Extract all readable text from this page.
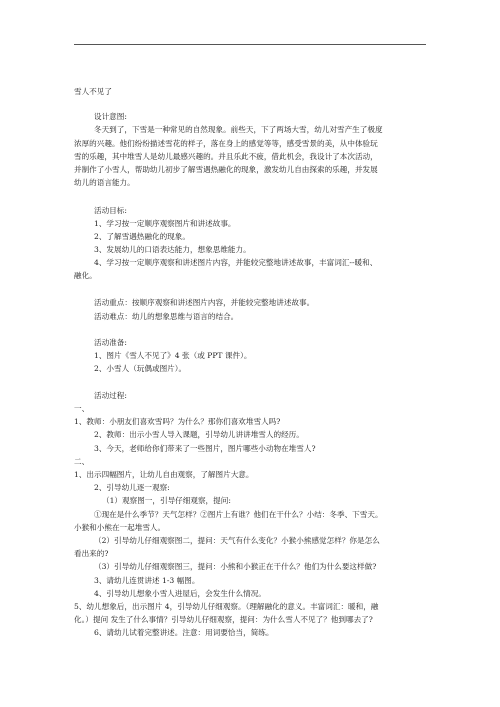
雪人不见了
设计意图:
冬天到了，下雪是一种常见的自然现象。前些天，下了两场大雪，幼儿对雪产生了极度
浓厚的兴趣。他们纷纷描述雪花的样子，落在身上的感觉等等，感受雪景的美，从中体验玩
雪的乐趣，其中堆雪人是幼儿最感兴趣的。并且乐此不疲，借此机会，我设计了本次活动，
并制作了小雪人，帮助幼儿初步了解雪遇热融化的现象，激发幼儿自由探索的乐趣，并发展
幼儿的语言能力。
活动目标:
1、学习按一定顺序观察图片和讲述故事。
2、了解雪遇热融化的现象。
3、发展幼儿的口语表达能力，想象思维能力。
4、学习按一定顺序观察和讲述图片内容，并能较完整地讲述故事，丰富词汇--暖和、
融化。
活动重点：按顺序观察和讲述图片内容，并能较完整地讲述故事。
活动难点：幼儿的想象思维与语言的结合。
活动准备:
1、图片《雪人不见了》4 张（或 PPT 课件）。
2、小雪人（玩偶或图片）。
活动过程:
一、
1、教师：小朋友们喜欢雪吗？为什么？那你们喜欢堆雪人吗?
2、教师：出示小雪人导入课题，引导幼儿讲讲堆雪人的经历。
3、今天，老师给你们带来了一些图片，图片哪些小动物在堆雪人?
二、
1、出示四幅图片，让幼儿自由观察，了解图片大意。
2、引导幼儿逐一观察:
（1）观察图一，引导仔细观察，提问:
①现在是什么季节？天气怎样？②图片上有谁？他们在干什么？小结：冬季、下雪天。
小猴和小熊在一起堆雪人。
（2）引导幼儿仔细观察图二，提问：天气有什么变化？小猴小熊感觉怎样？你是怎么
看出来的?
（3）引导幼儿仔细观察图三，提问：小熊和小猴正在干什么？他们为什么要这样做?
3、请幼儿连贯讲述 1-3 幅图。
4、引导幼儿想象小雪人进屋后，会发生什么情况。
5、幼儿想象后，出示图片 4，引导幼儿仔细观察。（理解融化的意义。丰富词汇：暖和，融
化。）提问 发生了什么事情？引导幼儿仔细观察，提问：为什么雪人不见了？他到哪去了?
6、请幼儿试着完整讲述。注意：用词要恰当，简练。
